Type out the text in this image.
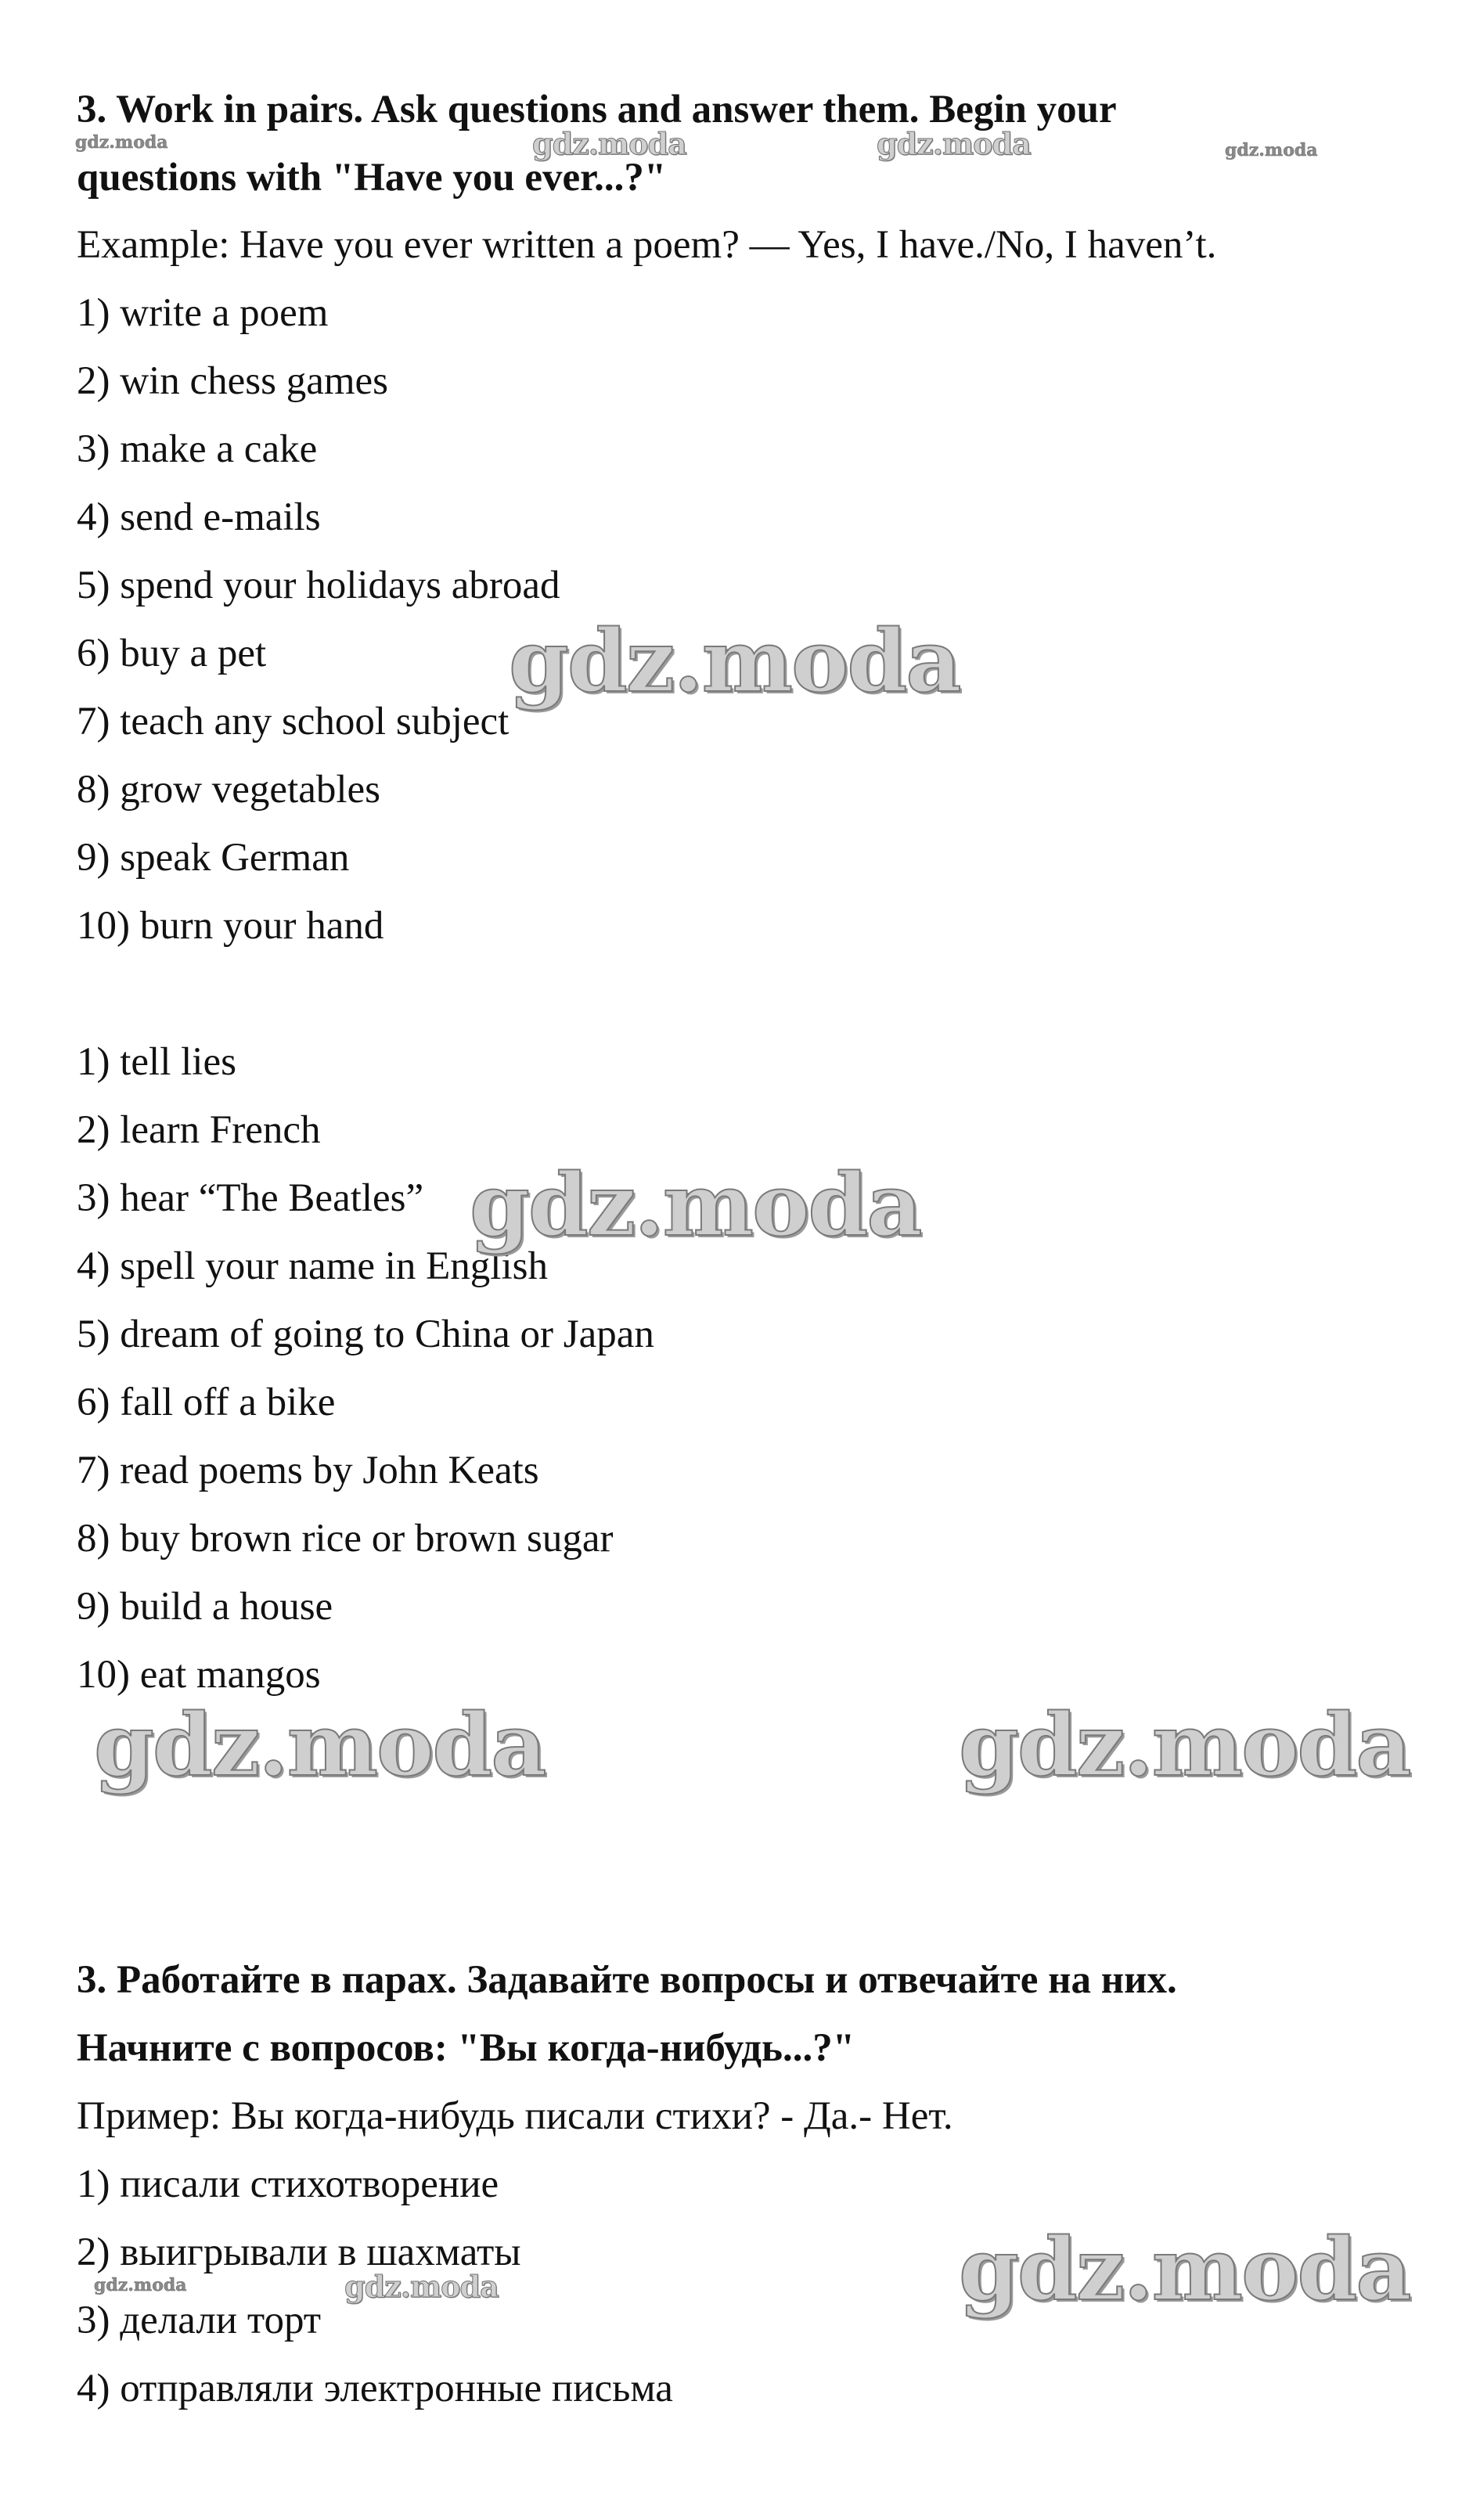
3. Work in pairs. Ask questions and answer them. Begin your

questions with "Have you ever...?"

Example: Have you ever written a poem? — Yes, I have./No, I haven’t.

1) write a poem

2) win chess games

3) make a cake

4) send e-mails

5) spend your holidays abroad

6) buy a pet

7) teach any school subject

8) grow vegetables

9) speak German

10) burn your hand

1) tell lies

2) learn French

3) hear “The Beatles”

4) spell your name in English

5) dream of going to China or Japan

6) fall off a bike

7) read poems by John Keats

8) buy brown rice or brown sugar

9) build a house

10) eat mangos

3. Работайте в парах. Задавайте вопросы и отвечайте на них.

Начните с вопросов: "Вы когда-нибудь...?"

Пример: Вы когда-нибудь писали стихи? - Да.- Нет.

1) писали стихотворение

2) выигрывали в шахматы

3) делали торт

4) отправляли электронные письма

gdz.moda	gdz.moda	gdz.moda	gdz.moda
gdz.moda
gdz.moda
gdz.moda	gdz.moda
gdz.moda
gdz.moda	gdz.moda
